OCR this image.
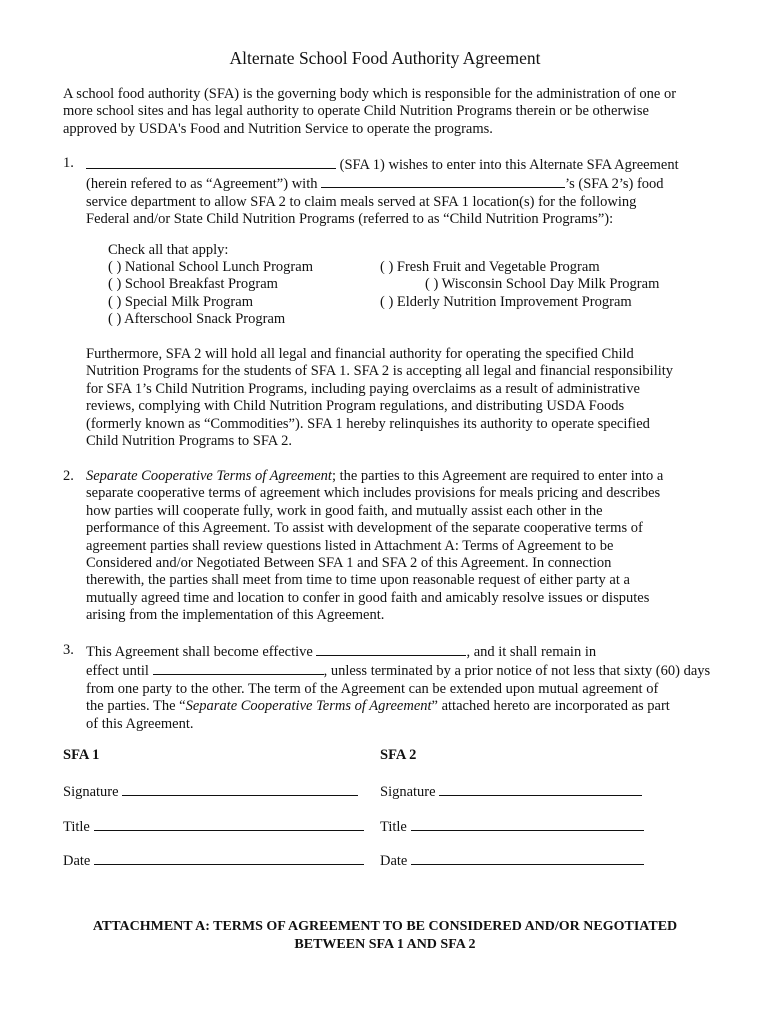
Alternate School Food Authority Agreement
A school food authority (SFA) is the governing body which is responsible for the administration of one or
more school sites and has legal authority to operate Child Nutrition Programs therein or be otherwise
approved by USDA's Food and Nutrition Service to operate the programs.
1.	(SFA 1) wishes to enter into this Alternate SFA Agreement
(herein refered to as “Agreement”) with	’s (SFA 2’s) food
service department to allow SFA 2 to claim meals served at SFA 1 location(s) for the following
Federal and/or State Child Nutrition Programs (referred to as “Child Nutrition Programs”):
Check all that apply:
( ) National School Lunch Program
( ) School Breakfast Program
( ) Special Milk Program
( ) Afterschool Snack Program
( ) Fresh Fruit and Vegetable Program
( ) Wisconsin School Day Milk Program
( ) Elderly Nutrition Improvement Program
Furthermore, SFA 2 will hold all legal and financial authority for operating the specified Child
Nutrition Programs for the students of SFA 1. SFA 2 is accepting all legal and financial responsibility
for SFA 1’s Child Nutrition Programs, including paying overclaims as a result of administrative
reviews, complying with Child Nutrition Program regulations, and distributing USDA Foods
(formerly known as “Commodities”). SFA 1 hereby relinquishes its authority to operate specified
Child Nutrition Programs to SFA 2.
2. Separate Cooperative Terms of Agreement; the parties to this Agreement are required to enter into a
separate cooperative terms of agreement which includes provisions for meals pricing and describes
how parties will cooperate fully, work in good faith, and mutually assist each other in the
performance of this Agreement. To assist with development of the separate cooperative terms of
agreement parties shall review questions listed in Attachment A: Terms of Agreement to be
Considered and/or Negotiated Between SFA 1 and SFA 2 of this Agreement. In connection
therewith, the parties shall meet from time to time upon reasonable request of either party at a
mutually agreed time and location to confer in good faith and amicably resolve issues or disputes
arising from the implementation of this Agreement.
3. This Agreement shall become effective	, and it shall remain in
effect until	, unless terminated by a prior notice of not less that sixty (60) days
from one party to the other. The term of the Agreement can be extended upon mutual agreement of
the parties. The “Separate Cooperative Terms of Agreement” attached hereto are incorporated as part
of this Agreement.
SFA 1	SFA 2
Signature	Signature
Title	Title
Date	Date
ATTACHMENT A: TERMS OF AGREEMENT TO BE CONSIDERED AND/OR NEGOTIATED
BETWEEN SFA 1 AND SFA 2
